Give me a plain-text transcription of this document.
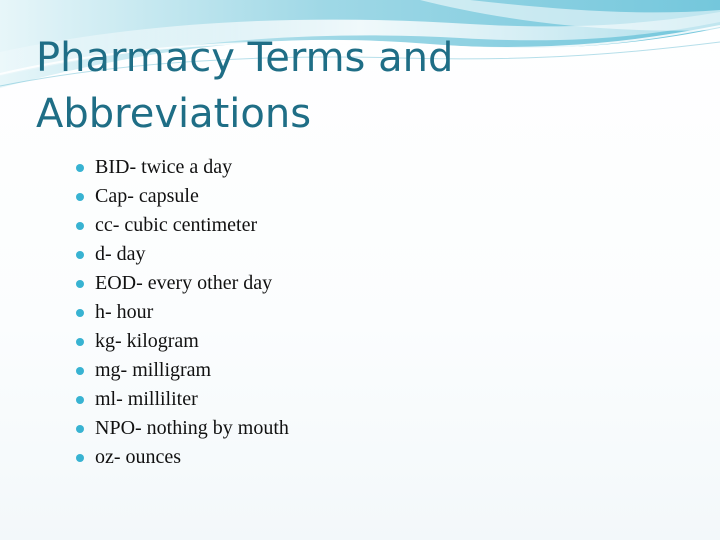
Pharmacy Terms and
Abbreviations
BID- twice a day
Cap- capsule
cc- cubic centimeter
d- day
EOD- every other day
h- hour
kg- kilogram
mg- milligram
ml- milliliter
NPO- nothing by mouth
oz- ounces
